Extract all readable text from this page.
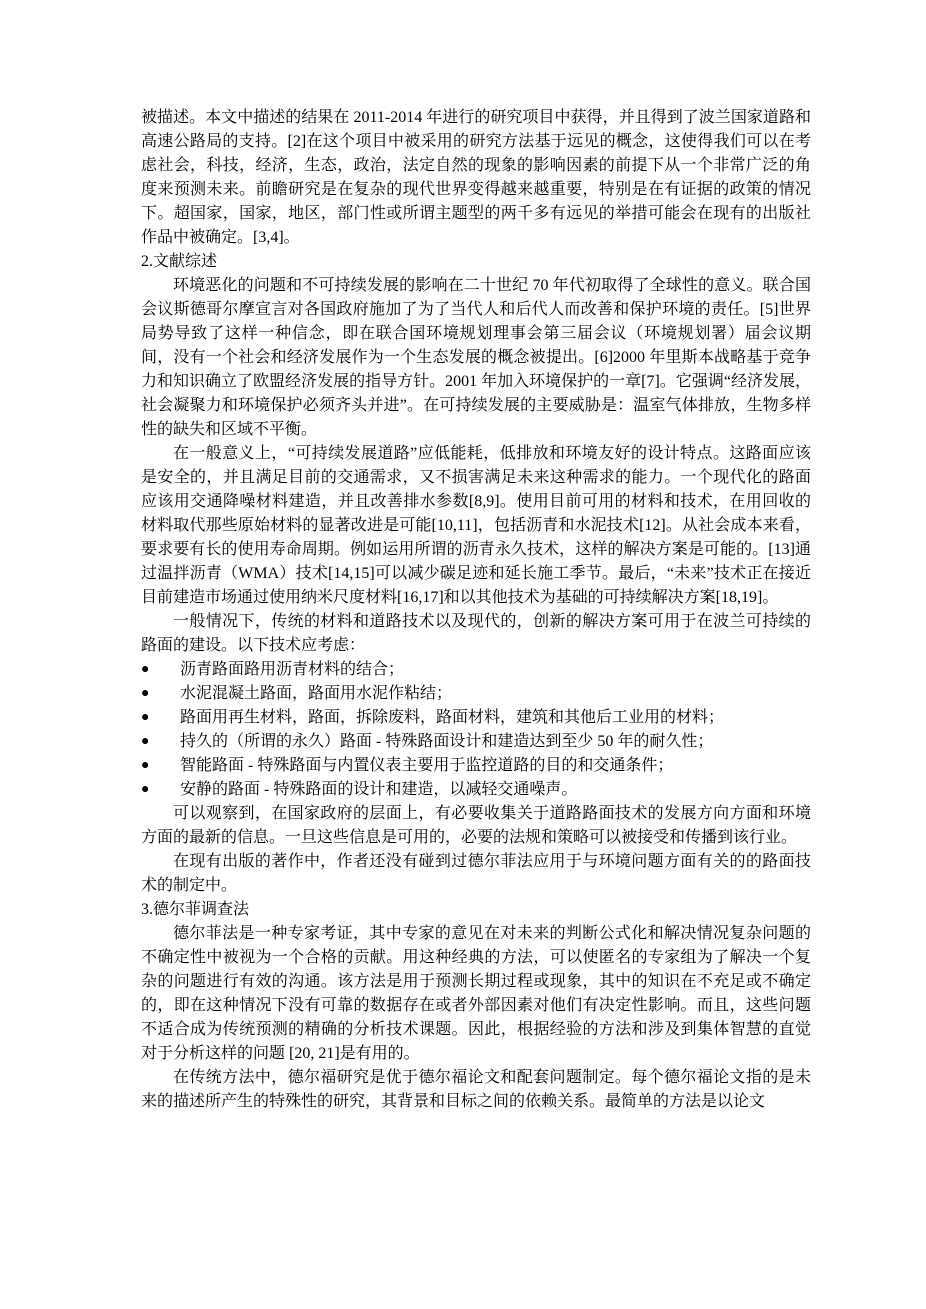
被描述。本文中描述的结果在 2011-2014 年进行的研究项目中获得，并且得到了波兰国家道路和高速公路局的支持。[2]在这个项目中被采用的研究方法基于远见的概念，这使得我们可以在考虑社会，科技，经济，生态，政治，法定自然的现象的影响因素的前提下从一个非常广泛的角度来预测未来。前瞻研究是在复杂的现代世界变得越来越重要，特别是在有证据的政策的情况下。超国家，国家，地区，部门性或所谓主题型的两千多有远见的举措可能会在现有的出版社作品中被确定。[3,4]。
2.文献综述
环境恶化的问题和不可持续发展的影响在二十世纪 70 年代初取得了全球性的意义。联合国会议斯德哥尔摩宣言对各国政府施加了为了当代人和后代人而改善和保护环境的责任。[5]世界局势导致了这样一种信念，即在联合国环境规划理事会第三届会议（环境规划署）届会议期间，没有一个社会和经济发展作为一个生态发展的概念被提出。[6]2000 年里斯本战略基于竞争力和知识确立了欧盟经济发展的指导方针。2001 年加入环境保护的一章[7]。它强调“经济发展，社会凝聚力和环境保护必须齐头并进”。在可持续发展的主要威胁是：温室气体排放，生物多样性的缺失和区域不平衡。
在一般意义上，“可持续发展道路”应低能耗，低排放和环境友好的设计特点。这路面应该是安全的，并且满足目前的交通需求，又不损害满足未来这种需求的能力。一个现代化的路面应该用交通降噪材料建造，并且改善排水参数[8,9]。使用目前可用的材料和技术，在用回收的材料取代那些原始材料的显著改进是可能[10,11]，包括沥青和水泥技术[12]。从社会成本来看，要求要有长的使用寿命周期。例如运用所谓的沥青永久技术，这样的解决方案是可能的。[13]通过温拌沥青（WMA）技术[14,15]可以减少碳足迹和延长施工季节。最后，“未来”技术正在接近目前建造市场通过使用纳米尺度材料[16,17]和以其他技术为基础的可持续解决方案[18,19]。
一般情况下，传统的材料和道路技术以及现代的，创新的解决方案可用于在波兰可持续的路面的建设。以下技术应考虑：
●	沥青路面路用沥青材料的结合；
●	水泥混凝土路面，路面用水泥作粘结；
●	路面用再生材料，路面，拆除废料，路面材料，建筑和其他后工业用的材料；
●	持久的（所谓的永久）路面 - 特殊路面设计和建造达到至少 50 年的耐久性；
●	智能路面 - 特殊路面与内置仪表主要用于监控道路的目的和交通条件；
●	安静的路面 - 特殊路面的设计和建造，以减轻交通噪声。
可以观察到，在国家政府的层面上，有必要收集关于道路路面技术的发展方向方面和环境方面的最新的信息。一旦这些信息是可用的，必要的法规和策略可以被接受和传播到该行业。
在现有出版的著作中，作者还没有碰到过德尔菲法应用于与环境问题方面有关的的路面技术的制定中。
3.德尔菲调查法
德尔菲法是一种专家考证，其中专家的意见在对未来的判断公式化和解决情况复杂问题的不确定性中被视为一个合格的贡献。用这种经典的方法，可以使匿名的专家组为了解决一个复杂的问题进行有效的沟通。该方法是用于预测长期过程或现象，其中的知识在不充足或不确定的，即在这种情况下没有可靠的数据存在或者外部因素对他们有决定性影响。而且，这些问题不适合成为传统预测的精确的分析技术课题。因此，根据经验的方法和涉及到集体智慧的直觉对于分析这样的问题 [20, 21]是有用的。
在传统方法中，德尔福研究是优于德尔福论文和配套问题制定。每个德尔福论文指的是未来的描述所产生的特殊性的研究，其背景和目标之间的依赖关系。最简单的方法是以论文
